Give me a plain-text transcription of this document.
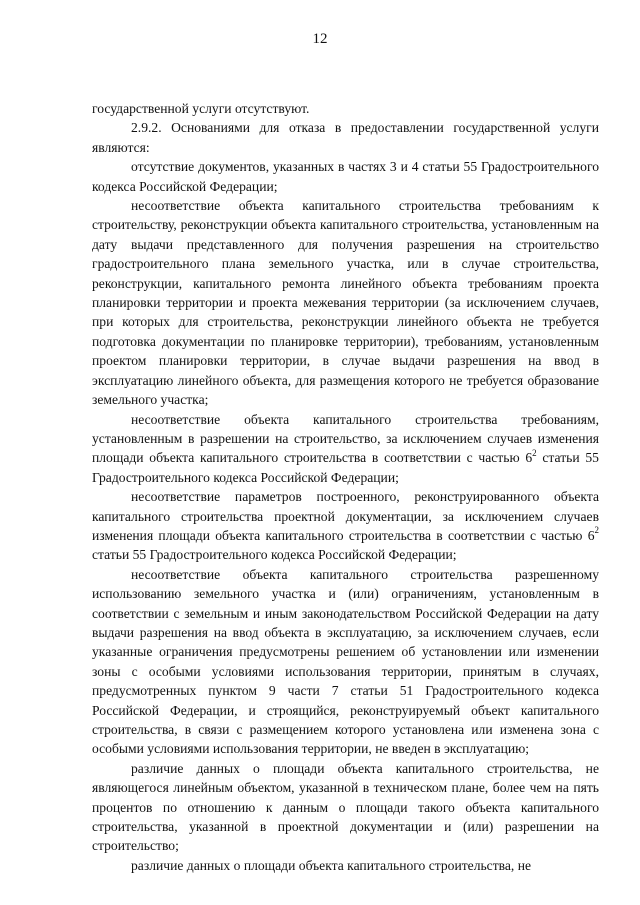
12

государственной услуги отсутствуют.

2.9.2. Основаниями для отказа в предоставлении государственной услуги являются:

отсутствие документов, указанных в частях 3 и 4 статьи 55 Градостроительного кодекса Российской Федерации;

несоответствие объекта капитального строительства требованиям к строительству, реконструкции объекта капитального строительства, установленным на дату выдачи представленного для получения разрешения на строительство градостроительного плана земельного участка, или в случае строительства, реконструкции, капитального ремонта линейного объекта требованиям проекта планировки территории и проекта межевания территории (за исключением случаев, при которых для строительства, реконструкции линейного объекта не требуется подготовка документации по планировке территории), требованиям, установленным проектом планировки территории, в случае выдачи разрешения на ввод в эксплуатацию линейного объекта, для размещения которого не требуется образование земельного участка;

несоответствие объекта капитального строительства требованиям, установленным в разрешении на строительство, за исключением случаев изменения площади объекта капитального строительства в соответствии с частью $6^2$ статьи 55 Градостроительного кодекса Российской Федерации;

несоответствие параметров построенного, реконструированного объекта капитального строительства проектной документации, за исключением случаев изменения площади объекта капитального строительства в соответствии с частью $6^2$ статьи 55 Градостроительного кодекса Российской Федерации;

несоответствие объекта капитального строительства разрешенному использованию земельного участка и (или) ограничениям, установленным в соответствии с земельным и иным законодательством Российской Федерации на дату выдачи разрешения на ввод объекта в эксплуатацию, за исключением случаев, если указанные ограничения предусмотрены решением об установлении или изменении зоны с особыми условиями использования территории, принятым в случаях, предусмотренных пунктом 9 части 7 статьи 51 Градостроительного кодекса Российской Федерации, и строящийся, реконструируемый объект капитального строительства, в связи с размещением которого установлена или изменена зона с особыми условиями использования территории, не введен в эксплуатацию;

различие данных о площади объекта капитального строительства, не являющегося линейным объектом, указанной в техническом плане, более чем на пять процентов по отношению к данным о площади такого объекта капитального строительства, указанной в проектной документации и (или) разрешении на строительство;

различие данных о площади объекта капитального строительства, не
